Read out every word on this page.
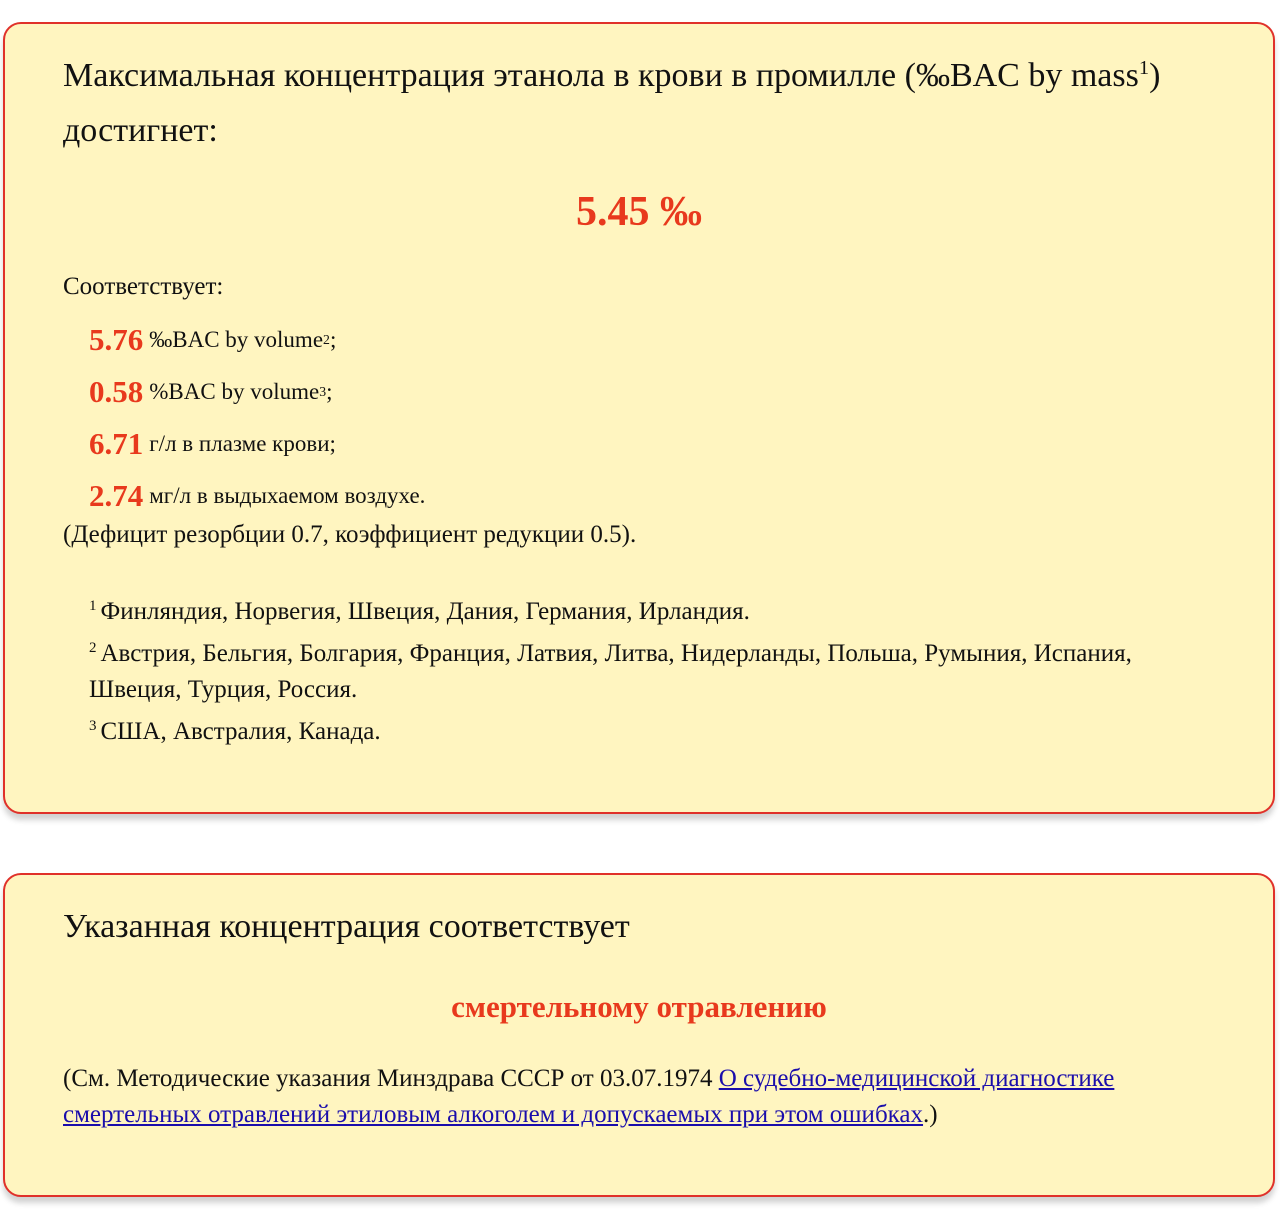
Максимальная концентрация этанола в крови в промилле (‰BAC by mass$^1$) достигнет:
5.45 ‰
Соответствует:
5.76 ‰BAC by volume 2 ;
0.58 %BAC by volume 3 ;
6.71 г/л в плазме крови;
2.74 мг/л в выдыхаемом воздухе.
(Дефицит резорбции 0.7, коэффициент редукции 0.5).
$^1$ Финляндия, Норвегия, Швеция, Дания, Германия, Ирландия.
$^2$ Австрия, Бельгия, Болгария, Франция, Латвия, Литва, Нидерланды, Польша, Румыния, Испания, Швеция, Турция, Россия.
$^3$ США, Австралия, Канада.
Указанная концентрация соответствует
смертельному отравлению
(См. Методические указания Минздрава СССР от 03.07.1974 О судебно-медицинской диагностике смертельных отравлений этиловым алкоголем и допускаемых при этом ошибках.)
